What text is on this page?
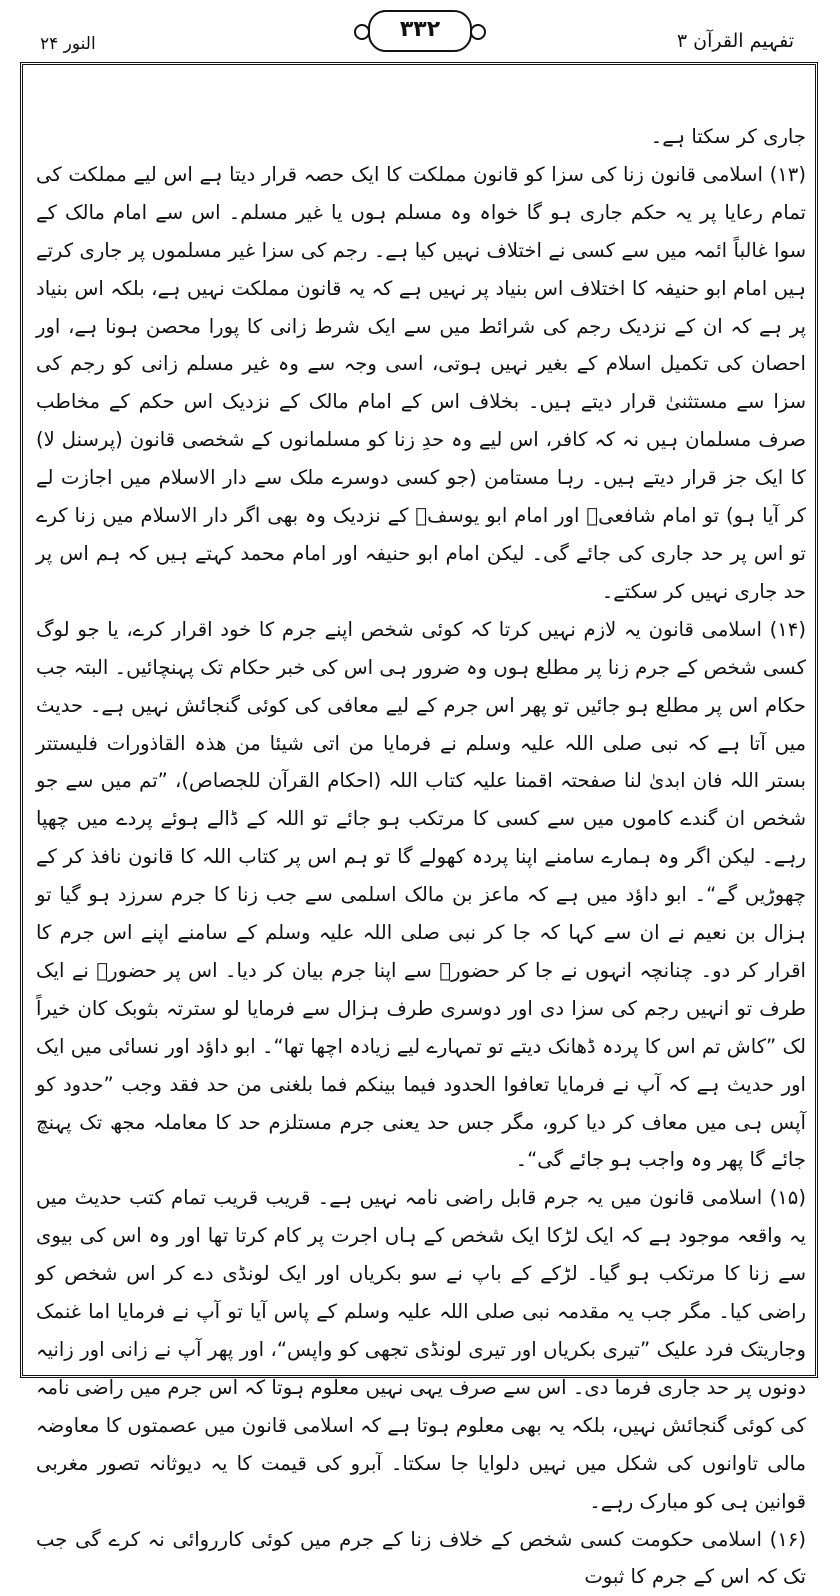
النور ۲۴
۳۳۲	تفہیم القرآن ۳

جاری کر سکتا ہے۔

(۱۳) اسلامی قانون زنا کی سزا کو قانون مملکت کا ایک حصہ قرار دیتا ہے اس لیے مملکت کی تمام رعایا پر یہ حکم جاری ہو گا خواہ وہ مسلم ہوں یا غیر مسلم۔ اس سے امام مالک کے سوا غالباً ائمہ میں سے کسی نے اختلاف نہیں کیا ہے۔ رجم کی سزا غیر مسلموں پر جاری کرتے ہیں امام ابو حنیفہ کا اختلاف اس بنیاد پر نہیں ہے کہ یہ قانون مملکت نہیں ہے، بلکہ اس بنیاد پر ہے کہ ان کے نزدیک رجم کی شرائط میں سے ایک شرط زانی کا پورا محصن ہونا ہے، اور احصان کی تکمیل اسلام کے بغیر نہیں ہوتی، اسی وجہ سے وہ غیر مسلم زانی کو رجم کی سزا سے مستثنیٰ قرار دیتے ہیں۔ بخلاف اس کے امام مالک کے نزدیک اس حکم کے مخاطب صرف مسلمان ہیں نہ کہ کافر، اس لیے وہ حدِ زنا کو مسلمانوں کے شخصی قانون (پرسنل لا) کا ایک جز قرار دیتے ہیں۔ رہا مستامن (جو کسی دوسرے ملک سے دار الاسلام میں اجازت لے کر آیا ہو) تو امام شافعیؒ اور امام ابو یوسفؒ کے نزدیک وہ بھی اگر دار الاسلام میں زنا کرے تو اس پر حد جاری کی جائے گی۔ لیکن امام ابو حنیفہ اور امام محمد کہتے ہیں کہ ہم اس پر حد جاری نہیں کر سکتے۔

(۱۴) اسلامی قانون یہ لازم نہیں کرتا کہ کوئی شخص اپنے جرم کا خود اقرار کرے، یا جو لوگ کسی شخص کے جرم زنا پر مطلع ہوں وہ ضرور ہی اس کی خبر حکام تک پہنچائیں۔ البتہ جب حکام اس پر مطلع ہو جائیں تو پھر اس جرم کے لیے معافی کی کوئی گنجائش نہیں ہے۔ حدیث میں آتا ہے کہ نبی صلی اللہ علیہ وسلم نے فرمایا من اتی شیئا من ھذہ القاذورات فلیستتر بستر اللہ فان ابدیٰ لنا صفحتہ اقمنا علیہ کتاب اللہ (احکام القرآن للجصاص)، ”تم میں سے جو شخص ان گندے کاموں میں سے کسی کا مرتکب ہو جائے تو اللہ کے ڈالے ہوئے پردے میں چھپا رہے۔ لیکن اگر وہ ہمارے سامنے اپنا پردہ کھولے گا تو ہم اس پر کتاب اللہ کا قانون نافذ کر کے چھوڑیں گے“۔ ابو داؤد میں ہے کہ ماعز بن مالک اسلمی سے جب زنا کا جرم سرزد ہو گیا تو ہزال بن نعیم نے ان سے کہا کہ جا کر نبی صلی اللہ علیہ وسلم کے سامنے اپنے اس جرم کا اقرار کر دو۔ چنانچہ انہوں نے جا کر حضورؐ سے اپنا جرم بیان کر دیا۔ اس پر حضورؐ نے ایک طرف تو انہیں رجم کی سزا دی اور دوسری طرف ہزال سے فرمایا لو سترتہ بثوبک کان خیراً لک ”کاش تم اس کا پردہ ڈھانک دیتے تو تمہارے لیے زیادہ اچھا تھا“۔ ابو داؤد اور نسائی میں ایک اور حدیث ہے کہ آپ نے فرمایا تعافوا الحدود فیما بینکم فما بلغنی من حد فقد وجب ”حدود کو آپس ہی میں معاف کر دیا کرو، مگر جس حد یعنی جرم مستلزم حد کا معاملہ مجھ تک پہنچ جائے گا پھر وہ واجب ہو جائے گی“۔

(۱۵) اسلامی قانون میں یہ جرم قابل راضی نامہ نہیں ہے۔ قریب قریب تمام کتب حدیث میں یہ واقعہ موجود ہے کہ ایک لڑکا ایک شخص کے ہاں اجرت پر کام کرتا تھا اور وہ اس کی بیوی سے زنا کا مرتکب ہو گیا۔ لڑکے کے باپ نے سو بکریاں اور ایک لونڈی دے کر اس شخص کو راضی کیا۔ مگر جب یہ مقدمہ نبی صلی اللہ علیہ وسلم کے پاس آیا تو آپ نے فرمایا اما غنمک وجاریتک فرد علیک ”تیری بکریاں اور تیری لونڈی تجھی کو واپس“، اور پھر آپ نے زانی اور زانیہ دونوں پر حد جاری فرما دی۔ اس سے صرف یہی نہیں معلوم ہوتا کہ اس جرم میں راضی نامہ کی کوئی گنجائش نہیں، بلکہ یہ بھی معلوم ہوتا ہے کہ اسلامی قانون میں عصمتوں کا معاوضہ مالی تاوانوں کی شکل میں نہیں دلوایا جا سکتا۔ آبرو کی قیمت کا یہ دیوثانہ تصور مغربی قوانین ہی کو مبارک رہے۔

(۱۶) اسلامی حکومت کسی شخص کے خلاف زنا کے جرم میں کوئی کارروائی نہ کرے گی جب تک کہ اس کے جرم کا ثبوت
